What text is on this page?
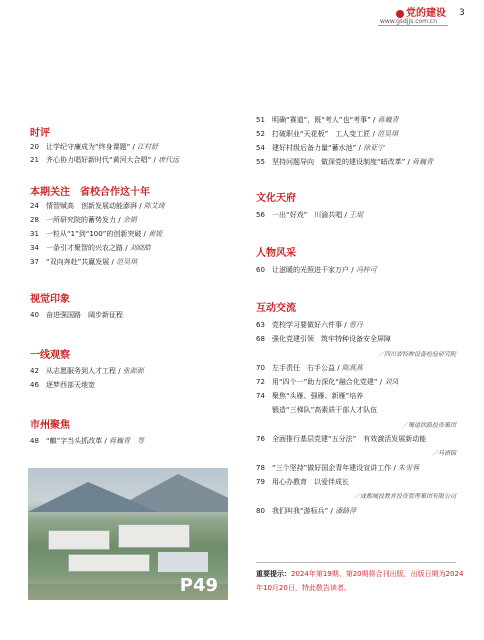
党的建设
www.gsdjjs.com.cn
3
时评
20 让学纪守廉成为“终身课题” / 江村舒
21 齐心协力唱好新时代“黄河大合唱” / 唐代远
本期关注　省校合作这十年
24 情智赋高　创新发展动能澎湃 / 陈艾琦
28 一所研究院的蓄势发力 / 余娟
31 一粒从“1”到“100”的创新突破 / 黄媛
34 一条引才聚智的兴农之路 / 刘晓皓
37 “双向奔赴”共赢发展 / 范昊琪
视觉印象
40 奋进强国路　阔步新征程
一线观察
42 从志愿服务到人才工程 / 张源源
46 逐梦西部天地宽
市州聚焦
48 “麒”字当头抓改革 / 蒋巍青　等
P49
51 明确“赛道”，既“考人”也“考事” / 蒋巍青
52 打破职业“天花板”　工人变工匠 / 范昊琪
54 建好村级后备力量“蓄水池” / 徐亚宁
55 坚持问题导向　做深党的建设制度“暗改革” / 蒋巍青
文化天府
56 一出“好戏”　川渝共唱 / 王琨
人物风采
60 让滋暖的光照进千家万户 / 冯梓可
互动交流
63 党校学习要做好六件事 / 曹丹
68 强化党建引领　筑牢特种设备安全屏障
／四川省特种设备检验研究院
70 左手责任　右手公益 / 陈燕燕
72 用“四个一”助力深化“融合化党建” / 刘凤
74 聚焦“头雁、强雁、新雁”培养
锻造“三梯队”高素质干部人才队伍
／蜀道铁路投资集团
76 全面推行基层党建“五分法”　有效激活发展新动能
／马祺锦
78 “三个坚持”做好国企青年建设宣讲工作 / 朱雪蓉
79 用心办教育　以爱伴成长
／成都城投教育投资管理集团有限公司
80 我们叫我“游标兵” / 潘路萍
重要提示：2024年第19期、第20期将合刊出版，出版日期为2024年10月20日，特此敬告读者。
